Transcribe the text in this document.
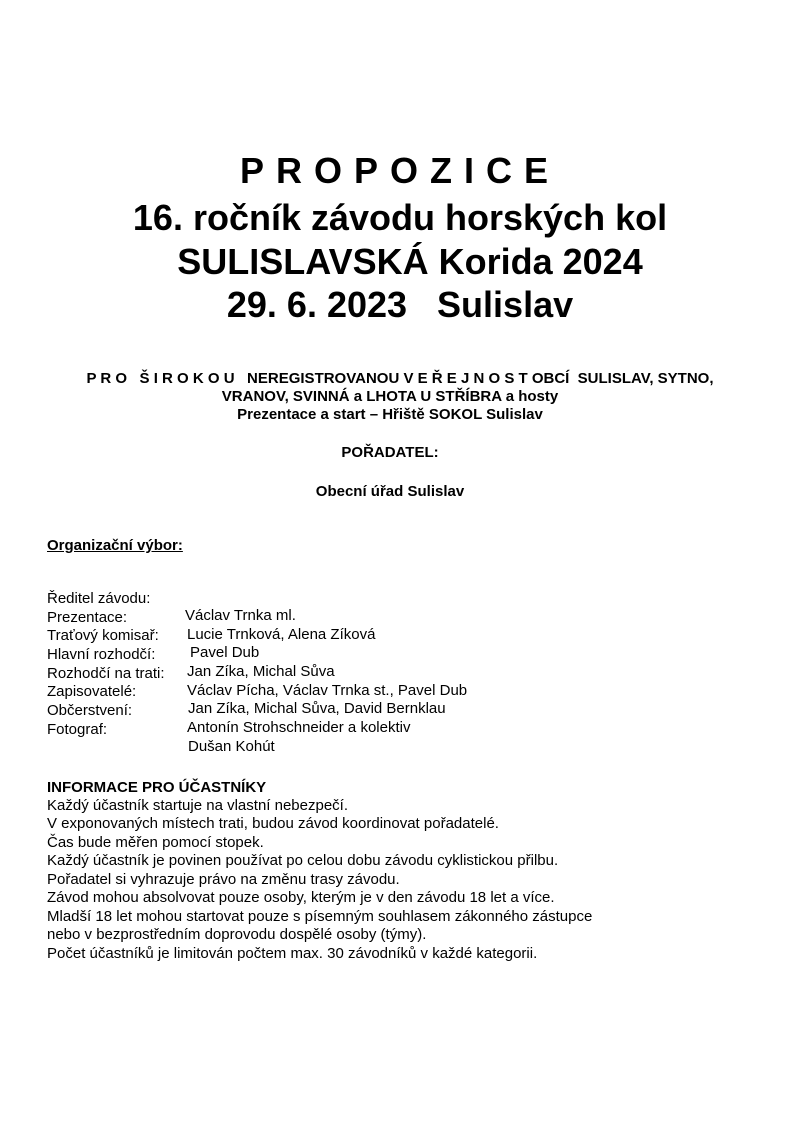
PROPOZICE
16. ročník závodu horských kol
SULISLAVSKÁ Korida 2024
29. 6. 2023   Sulislav
P R O   Š I R O K O U   NEREGISTROVANOU V E Ř E J N O S T OBCÍ  SULISLAV, SYTNO,
VRANOV, SVINNÁ a LHOTA U STŘÍBRA a hosty
Prezentace a start – Hřiště SOKOL Sulislav
POŘADATEL:
Obecní úřad Sulislav
Organizační výbor:

Ředitel závodu:

Václav Trnka ml.

Prezentace:

Lucie Trnková, Alena Zíková

Traťový komisař:

Pavel Dub

Hlavní rozhodčí:

Jan Zíka, Michal Sůva

Rozhodčí na trati:

Václav Pícha, Václav Trnka st., Pavel Dub

Zapisovatelé:

Jan Zíka, Michal Sůva, David Bernklau

Občerstvení:

Antonín Strohschneider a kolektiv

Fotograf:

Dušan Kohút

INFORMACE PRO ÚČASTNÍKY
Každý účastník startuje na vlastní nebezpečí.
V exponovaných místech trati, budou závod koordinovat pořadatelé.
Čas bude měřen pomocí stopek.
Každý účastník je povinen používat po celou dobu závodu cyklistickou přilbu.
Pořadatel si vyhrazuje právo na změnu trasy závodu.
Závod mohou absolvovat pouze osoby, kterým je v den závodu 18 let a více.
Mladší 18 let mohou startovat pouze s písemným souhlasem zákonného zástupce
nebo v bezprostředním doprovodu dospělé osoby (týmy).
Počet účastníků je limitován počtem max. 30 závodníků v každé kategorii.
